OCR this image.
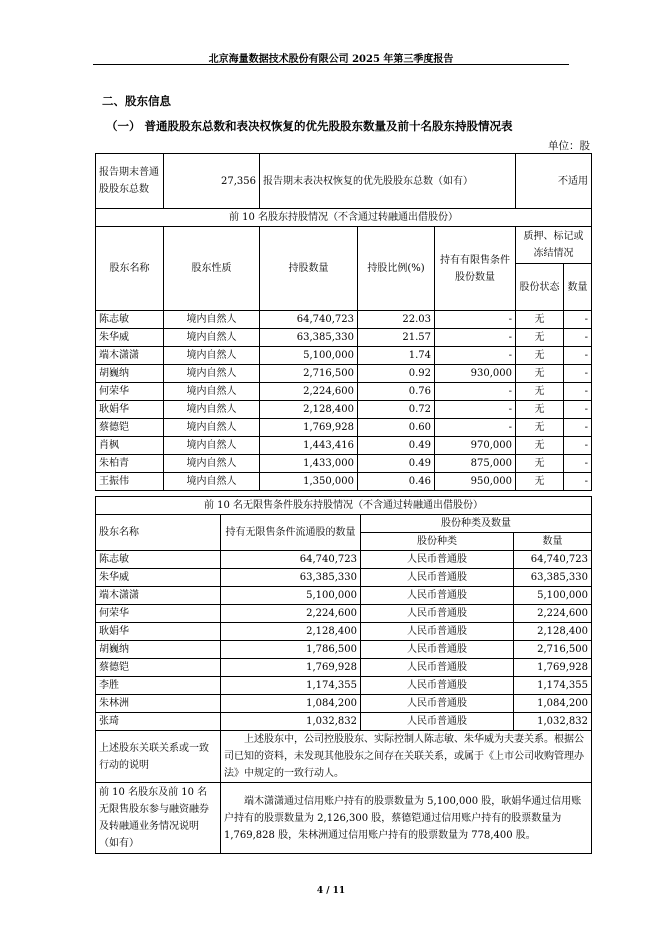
北京海量数据技术股份有限公司 2025 年第三季度报告
二、股东信息
（一） 普通股股东总数和表决权恢复的优先股股东数量及前十名股东持股情况表
单位：股
报告期末普通股股东总数	27,356	报告期末表决权恢复的优先股股东总数（如有）			不适用	
前 10 名股东持股情况（不含通过转融通出借股份）						
股东名称	股东性质	持股数量	持股比例(%)	持有有限售条件股份数量	质押、标记或冻结情况	
					股份状态	数量
陈志敏	境内自然人	64,740,723	22.03	-	无	-
朱华威	境内自然人	63,385,330	21.57	-	无	-
端木潇潇	境内自然人	5,100,000	1.74	-	无	-
胡巍纳	境内自然人	2,716,500	0.92	930,000	无	-
何荣华	境内自然人	2,224,600	0.76	-	无	-
耿娟华	境内自然人	2,128,400	0.72	-	无	-
蔡德铠	境内自然人	1,769,928	0.60	-	无	-
肖枫	境内自然人	1,443,416	0.49	970,000	无	-
朱柏青	境内自然人	1,433,000	0.49	875,000	无	-
王振伟	境内自然人	1,350,000	0.46	950,000	无	-
前 10 名无限售条件股东持股情况（不含通过转融通出借股份）			
股东名称	持有无限售条件流通股的数量	股份种类及数量	
		股份种类	数量
陈志敏	64,740,723	人民币普通股	64,740,723
朱华威	63,385,330	人民币普通股	63,385,330
端木潇潇	5,100,000	人民币普通股	5,100,000
何荣华	2,224,600	人民币普通股	2,224,600
耿娟华	2,128,400	人民币普通股	2,128,400
胡巍纳	1,786,500	人民币普通股	2,716,500
蔡德铠	1,769,928	人民币普通股	1,769,928
李胜	1,174,355	人民币普通股	1,174,355
朱林洲	1,084,200	人民币普通股	1,084,200
张琦	1,032,832	人民币普通股	1,032,832
上述股东关联关系或一致行动的说明	上述股东中，公司控股股东、实际控制人陈志敏、朱华威为夫妻关系。根据公司已知的资料，未发现其他股东之间存在关联关系，或属于《上市公司收购管理办法》中规定的一致行动人。		
前 10 名股东及前 10 名无限售股东参与融资融券及转融通业务情况说明（如有）	端木潇潇通过信用账户持有的股票数量为 5,100,000 股，耿娟华通过信用账户持有的股票数量为 2,126,300 股，蔡德铠通过信用账户持有的股票数量为 1,769,828 股，朱林洲通过信用账户持有的股票数量为 778,400 股。		
4 / 11
